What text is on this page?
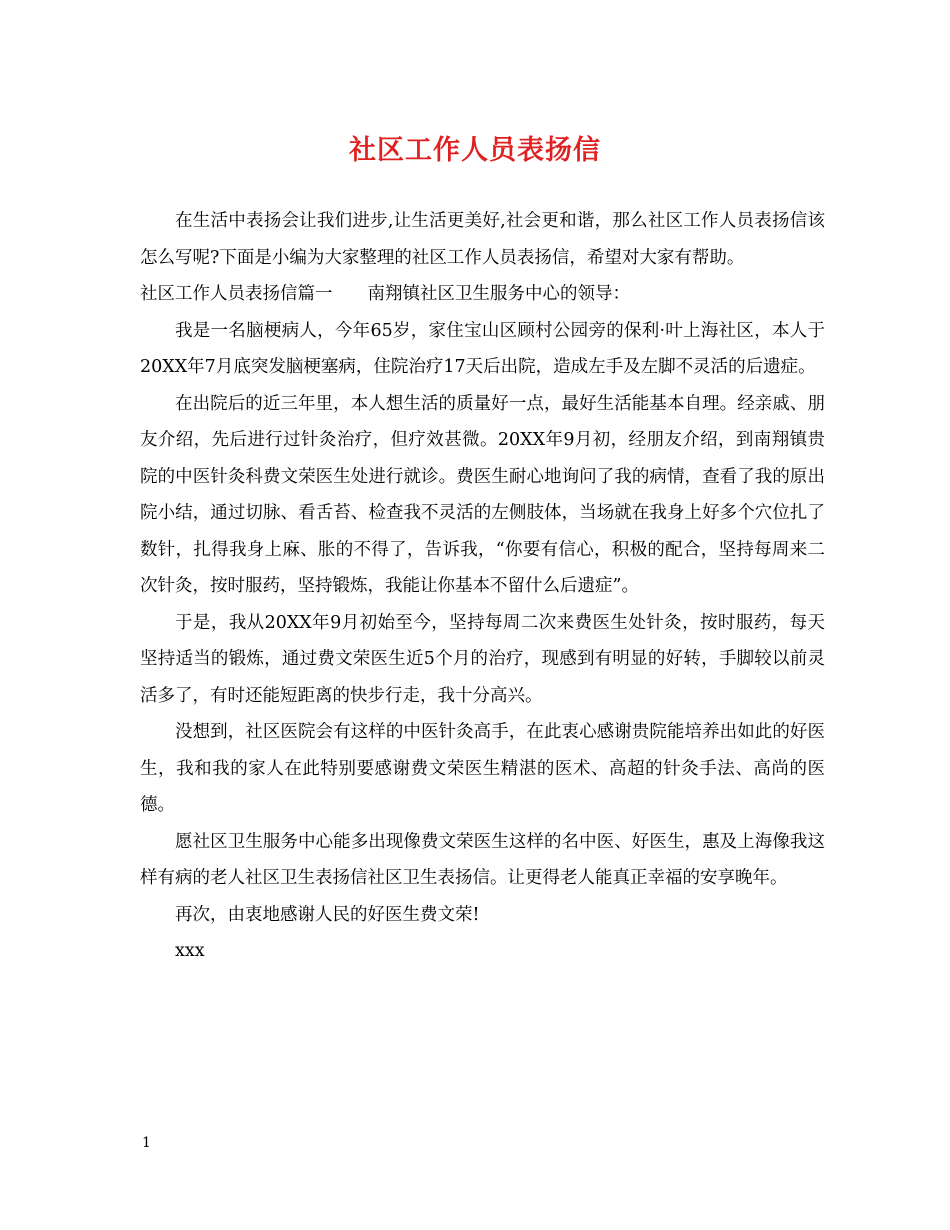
社区工作人员表扬信

在生活中表扬会让我们进步,让生活更美好,社会更和谐，那么社区工作人员表扬信该怎么写呢?下面是小编为大家整理的社区工作人员表扬信，希望对大家有帮助。

社区工作人员表扬信篇一　　南翔镇社区卫生服务中心的领导：

我是一名脑梗病人，今年65岁，家住宝山区顾村公园旁的保利·叶上海社区，本人于20XX年7月底突发脑梗塞病，住院治疗17天后出院，造成左手及左脚不灵活的后遗症。

在出院后的近三年里，本人想生活的质量好一点，最好生活能基本自理。经亲戚、朋友介绍，先后进行过针灸治疗，但疗效甚微。20XX年9月初，经朋友介绍，到南翔镇贵院的中医针灸科费文荣医生处进行就诊。费医生耐心地询问了我的病情，查看了我的原出院小结，通过切脉、看舌苔、检查我不灵活的左侧肢体，当场就在我身上好多个穴位扎了数针，扎得我身上麻、胀的不得了，告诉我，“你要有信心，积极的配合，坚持每周来二次针灸，按时服药，坚持锻炼，我能让你基本不留什么后遗症”。

于是，我从20XX年9月初始至今，坚持每周二次来费医生处针灸，按时服药，每天坚持适当的锻炼，通过费文荣医生近5个月的治疗，现感到有明显的好转，手脚较以前灵活多了，有时还能短距离的快步行走，我十分高兴。

没想到，社区医院会有这样的中医针灸高手，在此衷心感谢贵院能培养出如此的好医生，我和我的家人在此特别要感谢费文荣医生精湛的医术、高超的针灸手法、高尚的医德。

愿社区卫生服务中心能多出现像费文荣医生这样的名中医、好医生，惠及上海像我这样有病的老人社区卫生表扬信社区卫生表扬信。让更得老人能真正幸福的安享晚年。

再次，由衷地感谢人民的好医生费文荣!

xxx

1
